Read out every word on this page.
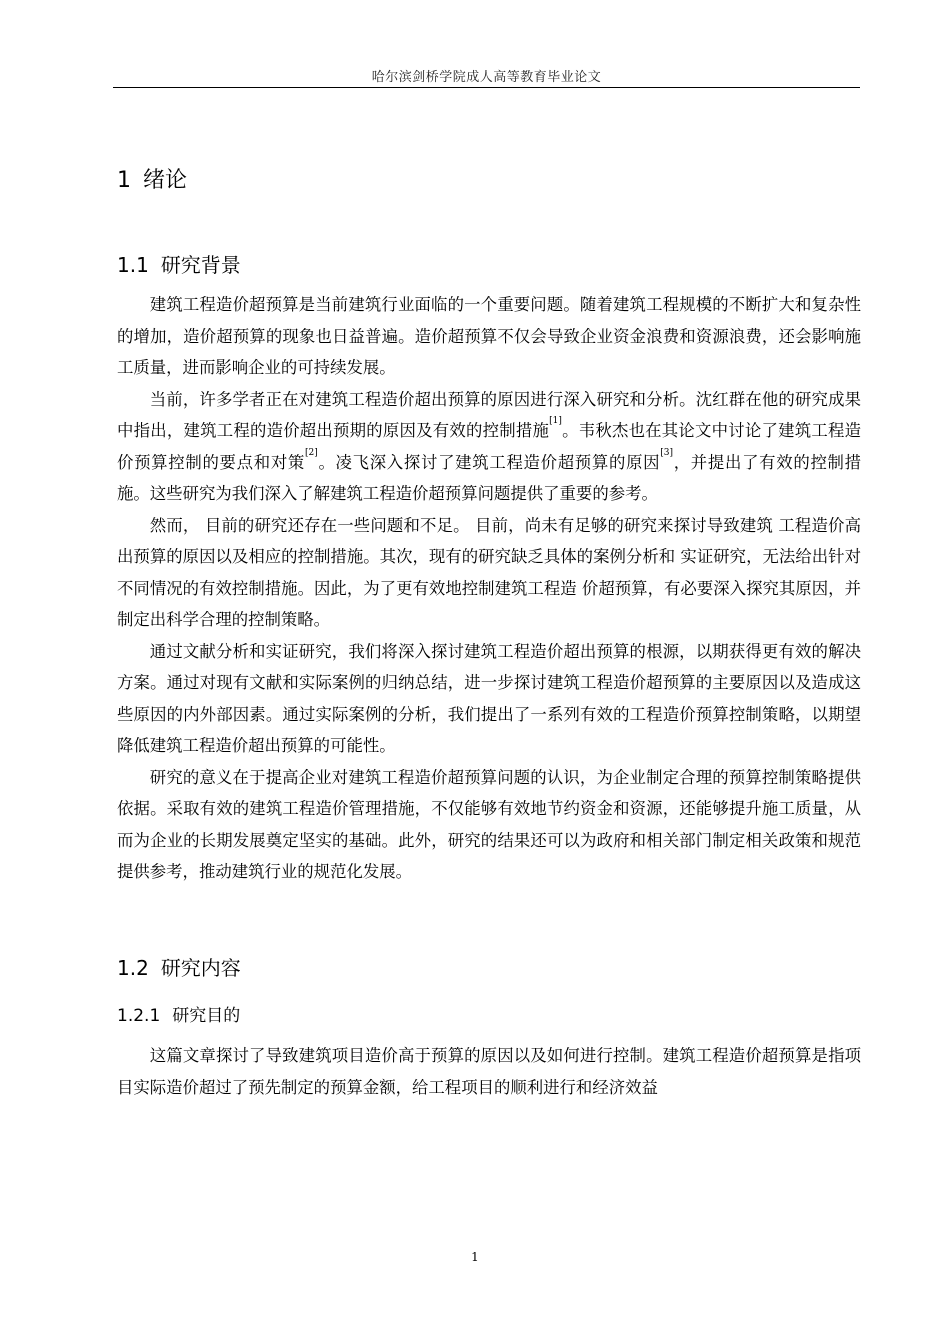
哈尔滨剑桥学院成人高等教育毕业论文
1 绪论
1.1 研究背景

建筑工程造价超预算是当前建筑行业面临的一个重要问题。随着建筑工程规模的不断扩大和复杂性的增加，造价超预算的现象也日益普遍。造价超预算不仅会导致企业资金浪费和资源浪费，还会影响施工质量，进而影响企业的可持续发展。

当前，许多学者正在对建筑工程造价超出预算的原因进行深入研究和分析。沈红群在他的研究成果中指出，建筑工程的造价超出预期的原因及有效的控制措施[1]。韦秋杰也在其论文中讨论了建筑工程造价预算控制的要点和对策[2]。凌飞深入探讨了建筑工程造价超预算的原因[3]，并提出了有效的控制措施。这些研究为我们深入了解建筑工程造价超预算问题提供了重要的参考。

然而， 目前的研究还存在一些问题和不足。 目前，尚未有足够的研究来探讨导致建筑 工程造价高出预算的原因以及相应的控制措施。其次，现有的研究缺乏具体的案例分析和 实证研究，无法给出针对不同情况的有效控制措施。因此，为了更有效地控制建筑工程造 价超预算，有必要深入探究其原因，并制定出科学合理的控制策略。

通过文献分析和实证研究，我们将深入探讨建筑工程造价超出预算的根源，以期获得更有效的解决方案。通过对现有文献和实际案例的归纳总结，进一步探讨建筑工程造价超预算的主要原因以及造成这些原因的内外部因素。通过实际案例的分析，我们提出了一系列有效的工程造价预算控制策略，以期望降低建筑工程造价超出预算的可能性。

研究的意义在于提高企业对建筑工程造价超预算问题的认识，为企业制定合理的预算控制策略提供依据。采取有效的建筑工程造价管理措施，不仅能够有效地节约资金和资源，还能够提升施工质量，从而为企业的长期发展奠定坚实的基础。此外，研究的结果还可以为政府和相关部门制定相关政策和规范提供参考，推动建筑行业的规范化发展。

1.2 研究内容
1.2.1 研究目的

这篇文章探讨了导致建筑项目造价高于预算的原因以及如何进行控制。建筑工程造价超预算是指项目实际造价超过了预先制定的预算金额，给工程项目的顺利进行和经济效益

1
